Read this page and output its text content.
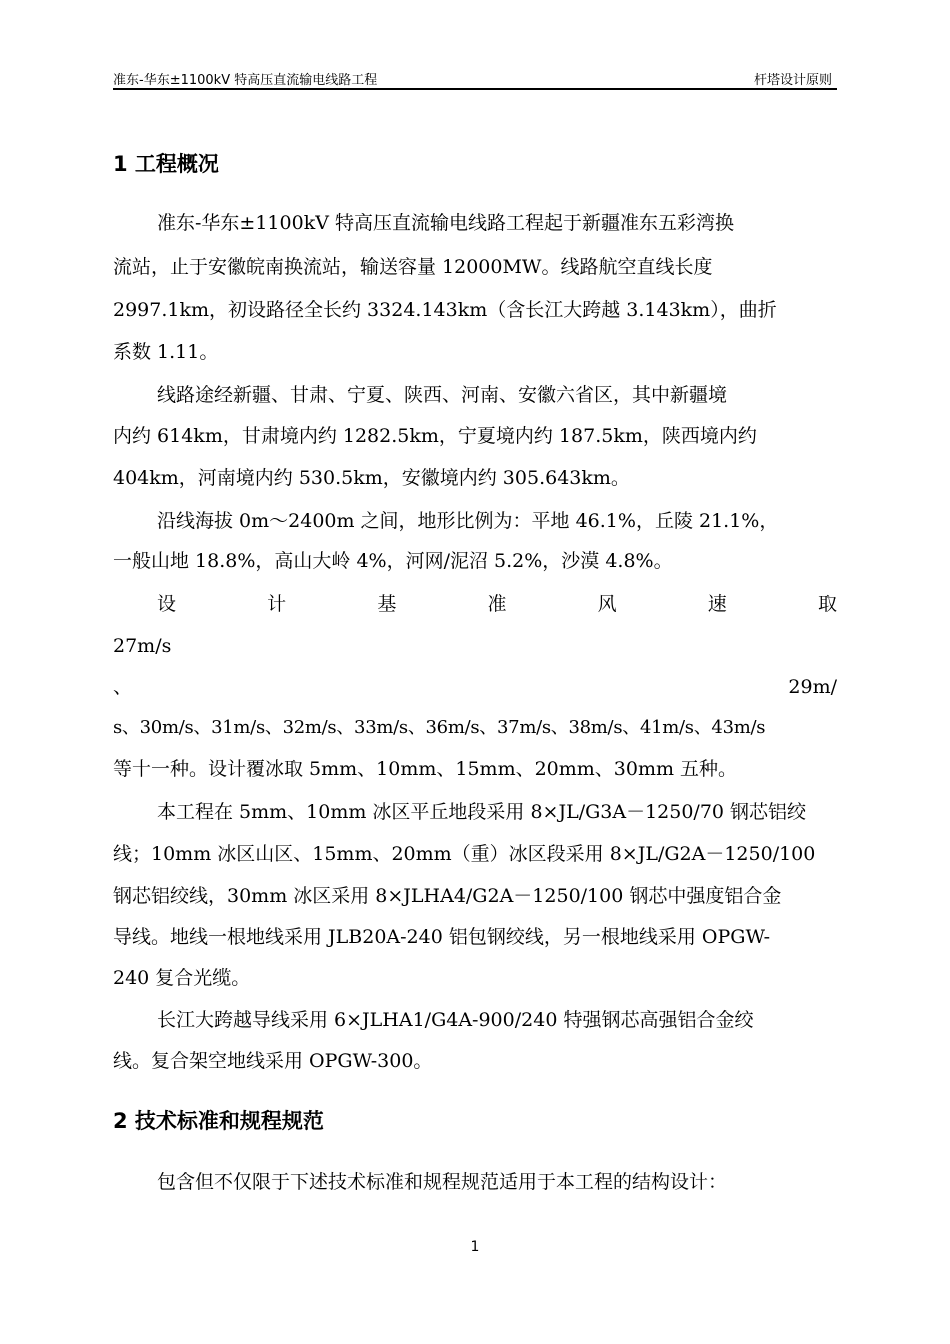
准东-华东±1100kV 特高压直流输电线路工程	杆塔设计原则
1 工程概况
准东-华东±1100kV 特高压直流输电线路工程起于新疆准东五彩湾换
流站，止于安徽皖南换流站，输送容量 12000MW。线路航空直线长度
2997.1km，初设路径全长约 3324.143km（含长江大跨越 3.143km），曲折
系数 1.11。
线路途经新疆、甘肃、宁夏、陕西、河南、安徽六省区，其中新疆境
内约 614km，甘肃境内约 1282.5km，宁夏境内约 187.5km，陕西境内约
404km，河南境内约 530.5km，安徽境内约 305.643km。
沿线海拔 0m～2400m 之间，地形比例为：平地 46.1%，丘陵 21.1%，
一般山地 18.8%，高山大岭 4%，河网/泥沼 5.2%，沙漠 4.8%。
设	计	基	准	风	速	取
27m/s
、	29m/
s、30m/s、31m/s、32m/s、33m/s、36m/s、37m/s、38m/s、41m/s、43m/s
等十一种。设计覆冰取 5mm、10mm、15mm、20mm、30mm 五种。
本工程在 5mm、10mm 冰区平丘地段采用 8×JL/G3A－1250/70 钢芯铝绞
线；10mm 冰区山区、15mm、20mm（重）冰区段采用 8×JL/G2A－1250/100
钢芯铝绞线，30mm 冰区采用 8×JLHA4/G2A－1250/100 钢芯中强度铝合金
导线。地线一根地线采用 JLB20A-240 铝包钢绞线，另一根地线采用 OPGW-
240 复合光缆。
长江大跨越导线采用 6×JLHA1/G4A-900/240 特强钢芯高强铝合金绞
线。复合架空地线采用 OPGW-300。
2 技术标准和规程规范
包含但不仅限于下述技术标准和规程规范适用于本工程的结构设计：
1
